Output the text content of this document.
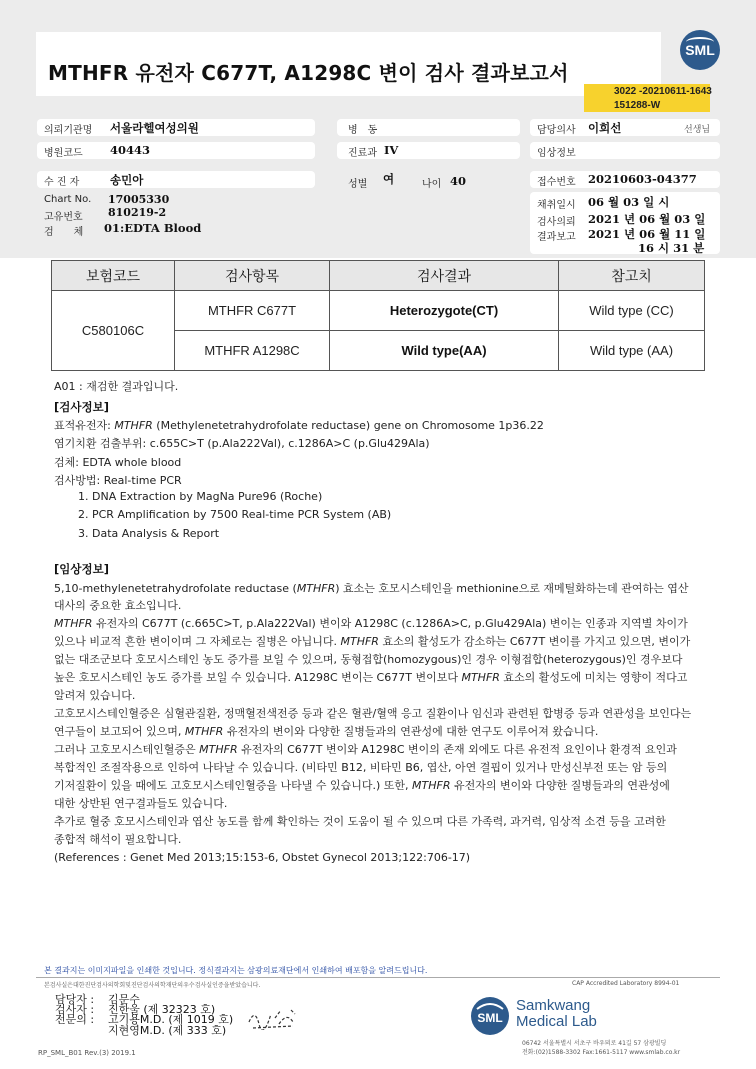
MTHFR 유전자 C677T, A1298C 변이 검사 결과보고서
SML
3022 -20210611-1643
151288-W
의뢰기관명 서울라헬여성의원	병　동	담당의사 이희선	선생님
병원코드 40443	진료과 IV	임상정보
수 진 자	송민아	성별 여	나이 40	접수번호 20210603-04377
Chart No. 17005330
고유번호 810219-2
검　　체 01:EDTA Blood
채취일시 06 월 03 일 시
검사의뢰 2021 년 06 월 03 일
결과보고 2021 년 06 월 11 일
16 시 31 분
보험코드	검사항목	검사결과	참고치
C580106C	MTHFR C677T	Heterozygote(CT)	Wild type (CC)
	MTHFR A1298C	Wild type(AA)	Wild type (AA)
A01 : 재검한 결과입니다.
[검사정보]
표적유전자: MTHFR (Methylenetetrahydrofolate reductase) gene on Chromosome 1p36.22
염기치환 검출부위: c.655C>T (p.Ala222Val), c.1286A>C (p.Glu429Ala)
검체: EDTA whole blood
검사방법: Real-time PCR
1. DNA Extraction by MagNa Pure96 (Roche)
2. PCR Amplification by 7500 Real-time PCR System (AB)
3. Data Analysis & Report
[임상정보]
5,10-methylenetetrahydrofolate reductase (MTHFR) 효소는 호모시스테인을 methionine으로 재메틸화하는데 관여하는 엽산
대사의 중요한 효소입니다.
MTHFR 유전자의 C677T (c.665C>T, p.Ala222Val) 변이와 A1298C (c.1286A>C, p.Glu429Ala) 변이는 인종과 지역별 차이가
있으나 비교적 흔한 변이이며 그 자체로는 질병은 아닙니다. MTHFR 효소의 활성도가 감소하는 C677T 변이를 가지고 있으면, 변이가
없는 대조군보다 호모시스테인 농도 증가를 보일 수 있으며, 동형접합(homozygous)인 경우 이형접합(heterozygous)인 경우보다
높은 호모시스테인 농도 증가를 보일 수 있습니다. A1298C 변이는 C677T 변이보다 MTHFR 효소의 활성도에 미치는 영향이 적다고
알려져 있습니다.
고호모시스테인혈증은 심혈관질환, 정맥혈전색전증 등과 같은 혈관/혈액 응고 질환이나 임신과 관련된 합병증 등과 연관성을 보인다는
연구들이 보고되어 있으며, MTHFR 유전자의 변이와 다양한 질병들과의 연관성에 대한 연구도 이루어져 왔습니다.
그러나 고호모시스테인혈증은 MTHFR 유전자의 C677T 변이와 A1298C 변이의 존재 외에도 다른 유전적 요인이나 환경적 요인과
복합적인 조절작용으로 인하여 나타날 수 있습니다. (비타민 B12, 비타민 B6, 엽산, 아연 결핍이 있거나 만성신부전 또는 암 등의
기저질환이 있을 때에도 고호모시스테인혈증을 나타낼 수 있습니다.) 또한, MTHFR 유전자의 변이와 다양한 질병들과의 연관성에
대한 상반된 연구결과들도 있습니다.
추가로 혈중 호모시스테인과 엽산 농도를 함께 확인하는 것이 도움이 될 수 있으며 다른 가족력, 과거력, 임상적 소견 등을 고려한
종합적 해석이 필요합니다.
(References : Genet Med 2013;15:153-6, Obstet Gynecol 2013;122:706-17)
본 결과지는 이미지파일을 인쇄한 것입니다. 정식결과지는 삼광의료재단에서 인쇄하여 배포함을 알려드립니다.
본검사실은대한진단검사의학회및진단검사의학재단의우수검사실인증을받았습니다.	CAP Accredited Laboratory 8994-01
담당자 : 김문수
검사자 : 진한울 (제 32323 호)
전문의 : 고기용M.D. (제 1019 호)
지현영M.D. (제 333 호)
SML
Samkwang
Medical Lab
06742 서울특별시 서초구 바우뫼로 41길 57 삼광빌딩
전화:(02)1588-3302 Fax:1661-5117 www.smlab.co.kr
RP_SML_B01 Rev.(3) 2019.1
